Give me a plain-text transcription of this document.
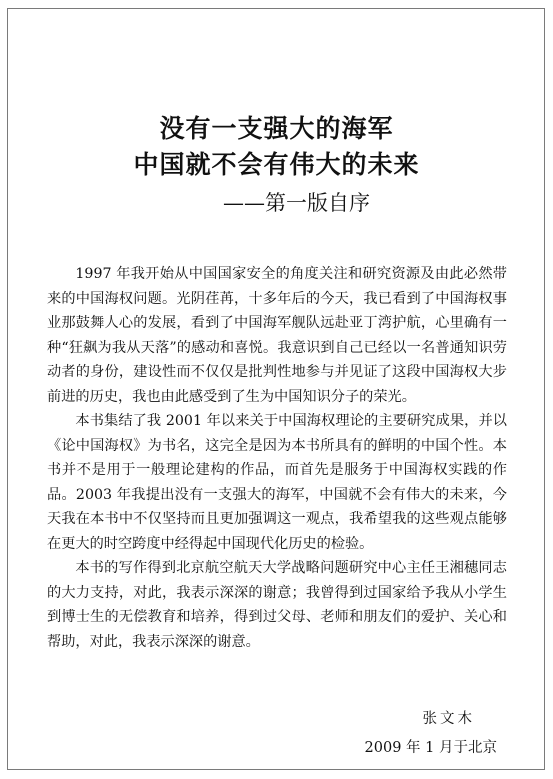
没有一支强大的海军
中国就不会有伟大的未来
——第一版自序

1997 年我开始从中国国家安全的角度关注和研究资源及由此必然带来的中国海权问题。光阴荏苒，十多年后的今天，我已看到了中国海权事业那鼓舞人心的发展，看到了中国海军舰队远赴亚丁湾护航，心里确有一种“狂飙为我从天落”的感动和喜悦。我意识到自己已经以一名普通知识劳动者的身份，建设性而不仅仅是批判性地参与并见证了这段中国海权大步前进的历史，我也由此感受到了生为中国知识分子的荣光。

本书集结了我 2001 年以来关于中国海权理论的主要研究成果，并以《论中国海权》为书名，这完全是因为本书所具有的鲜明的中国个性。本书并不是用于一般理论建构的作品，而首先是服务于中国海权实践的作品。2003 年我提出没有一支强大的海军，中国就不会有伟大的未来，今天我在本书中不仅坚持而且更加强调这一观点，我希望我的这些观点能够在更大的时空跨度中经得起中国现代化历史的检验。

本书的写作得到北京航空航天大学战略问题研究中心主任王湘穗同志的大力支持，对此，我表示深深的谢意；我曾得到过国家给予我从小学生到博士生的无偿教育和培养，得到过父母、老师和朋友们的爱护、关心和帮助，对此，我表示深深的谢意。

张文木
2009 年 1 月于北京
